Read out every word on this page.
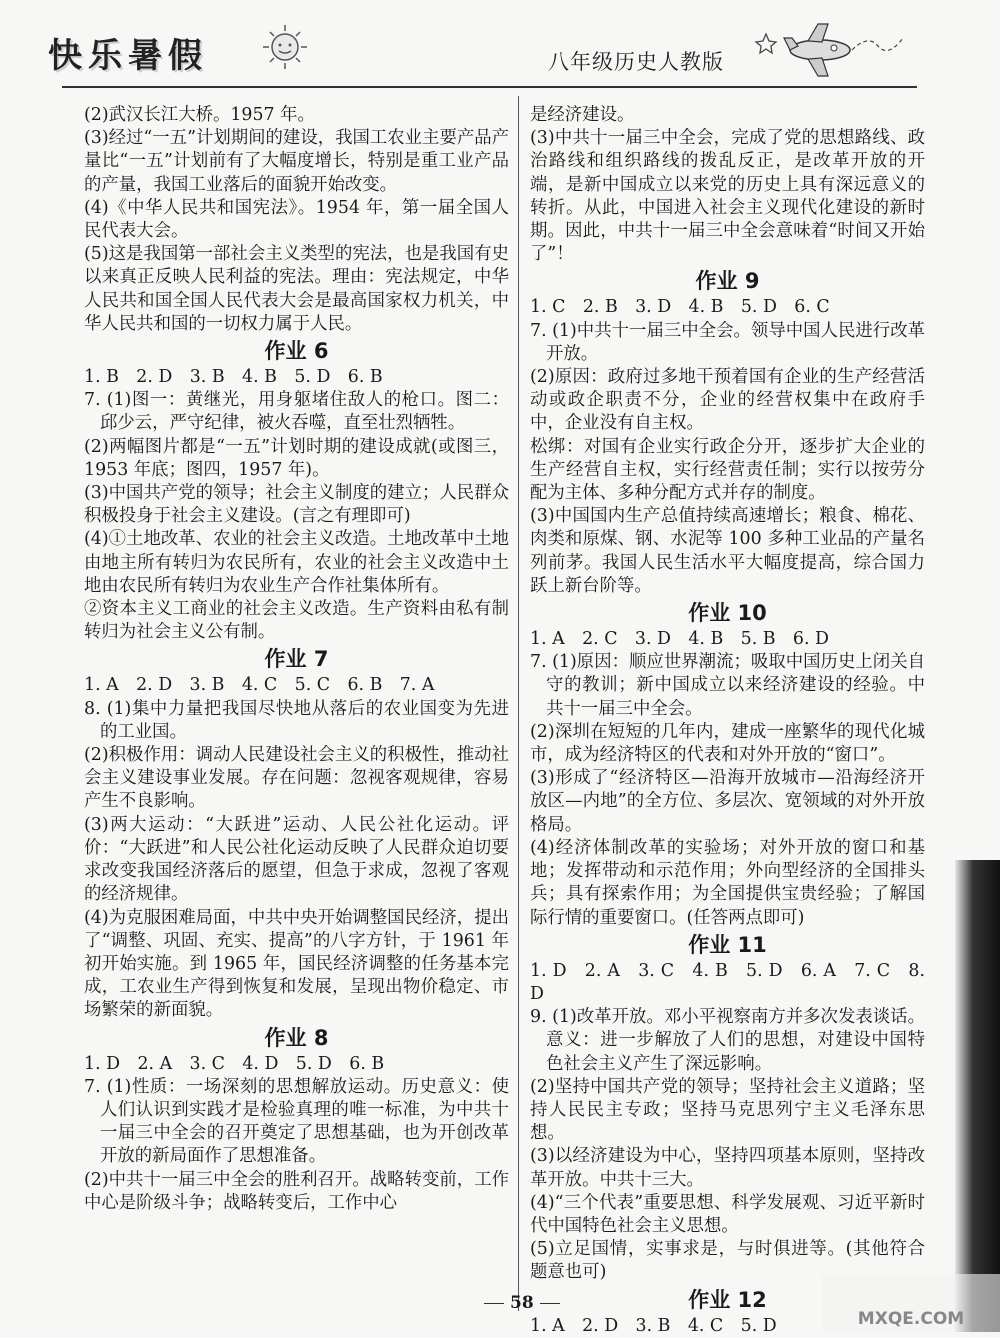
快乐暑假	八年级历史人教版

(2)武汉长江大桥。1957 年。

(3)经过“一五”计划期间的建设，我国工农业主要产品产量比“一五”计划前有了大幅度增长，特别是重工业产品的产量，我国工业落后的面貌开始改变。

(4)《中华人民共和国宪法》。1954 年，第一届全国人民代表大会。

(5)这是我国第一部社会主义类型的宪法，也是我国有史以来真正反映人民利益的宪法。理由：宪法规定，中华人民共和国全国人民代表大会是最高国家权力机关，中华人民共和国的一切权力属于人民。

作业 6

1. B　2. D　3. B　4. B　5. D　6. B

7. (1)图一：黄继光，用身躯堵住敌人的枪口。图二：邱少云，严守纪律，被火吞噬，直至壮烈牺牲。

(2)两幅图片都是“一五”计划时期的建设成就(或图三，1953 年底；图四，1957 年)。

(3)中国共产党的领导；社会主义制度的建立；人民群众积极投身于社会主义建设。(言之有理即可)

(4)①土地改革、农业的社会主义改造。土地改革中土地由地主所有转归为农民所有，农业的社会主义改造中土地由农民所有转归为农业生产合作社集体所有。

②资本主义工商业的社会主义改造。生产资料由私有制转归为社会主义公有制。

作业 7

1. A　2. D　3. B　4. C　5. C　6. B　7. A

8. (1)集中力量把我国尽快地从落后的农业国变为先进的工业国。

(2)积极作用：调动人民建设社会主义的积极性，推动社会主义建设事业发展。存在问题：忽视客观规律，容易产生不良影响。

(3)两大运动：“大跃进”运动、人民公社化运动。评价：“大跃进”和人民公社化运动反映了人民群众迫切要求改变我国经济落后的愿望，但急于求成，忽视了客观的经济规律。

(4)为克服困难局面，中共中央开始调整国民经济，提出了“调整、巩固、充实、提高”的八字方针，于 1961 年初开始实施。到 1965 年，国民经济调整的任务基本完成，工农业生产得到恢复和发展，呈现出物价稳定、市场繁荣的新面貌。

作业 8

1. D　2. A　3. C　4. D　5. D　6. B

7. (1)性质：一场深刻的思想解放运动。历史意义：使人们认识到实践才是检验真理的唯一标准，为中共十一届三中全会的召开奠定了思想基础，也为开创改革开放的新局面作了思想准备。

(2)中共十一届三中全会的胜利召开。战略转变前，工作中心是阶级斗争；战略转变后，工作中心

是经济建设。

(3)中共十一届三中全会，完成了党的思想路线、政治路线和组织路线的拨乱反正，是改革开放的开端，是新中国成立以来党的历史上具有深远意义的转折。从此，中国进入社会主义现代化建设的新时期。因此，中共十一届三中全会意味着“时间又开始了”！

作业 9

1. C　2. B　3. D　4. B　5. D　6. C

7. (1)中共十一届三中全会。领导中国人民进行改革开放。

(2)原因：政府过多地干预着国有企业的生产经营活动或政企职责不分，企业的经营权集中在政府手中，企业没有自主权。

松绑：对国有企业实行政企分开，逐步扩大企业的生产经营自主权，实行经营责任制；实行以按劳分配为主体、多种分配方式并存的制度。

(3)中国国内生产总值持续高速增长；粮食、棉花、肉类和原煤、钢、水泥等 100 多种工业品的产量名列前茅。我国人民生活水平大幅度提高，综合国力跃上新台阶等。

作业 10

1. A　2. C　3. D　4. B　5. B　6. D

7. (1)原因：顺应世界潮流；吸取中国历史上闭关自守的教训；新中国成立以来经济建设的经验。中共十一届三中全会。

(2)深圳在短短的几年内，建成一座繁华的现代化城市，成为经济特区的代表和对外开放的“窗口”。

(3)形成了“经济特区—沿海开放城市—沿海经济开放区—内地”的全方位、多层次、宽领域的对外开放格局。

(4)经济体制改革的实验场；对外开放的窗口和基地；发挥带动和示范作用；外向型经济的全国排头兵；具有探索作用；为全国提供宝贵经验；了解国际行情的重要窗口。(任答两点即可)

作业 11

1. D　2. A　3. C　4. B　5. D　6. A　7. C　8. D

9. (1)改革开放。邓小平视察南方并多次发表谈话。意义：进一步解放了人们的思想，对建设中国特色社会主义产生了深远影响。

(2)坚持中国共产党的领导；坚持社会主义道路；坚持人民民主专政；坚持马克思列宁主义毛泽东思想。

(3)以经济建设为中心，坚持四项基本原则，坚持改革开放。中共十三大。

(4)“三个代表”重要思想、科学发展观、习近平新时代中国特色社会主义思想。

(5)立足国情，实事求是，与时俱进等。(其他符合题意也可)

作业 12

1. A　2. D　3. B　4. C　5. D

58
MXQE.COM
